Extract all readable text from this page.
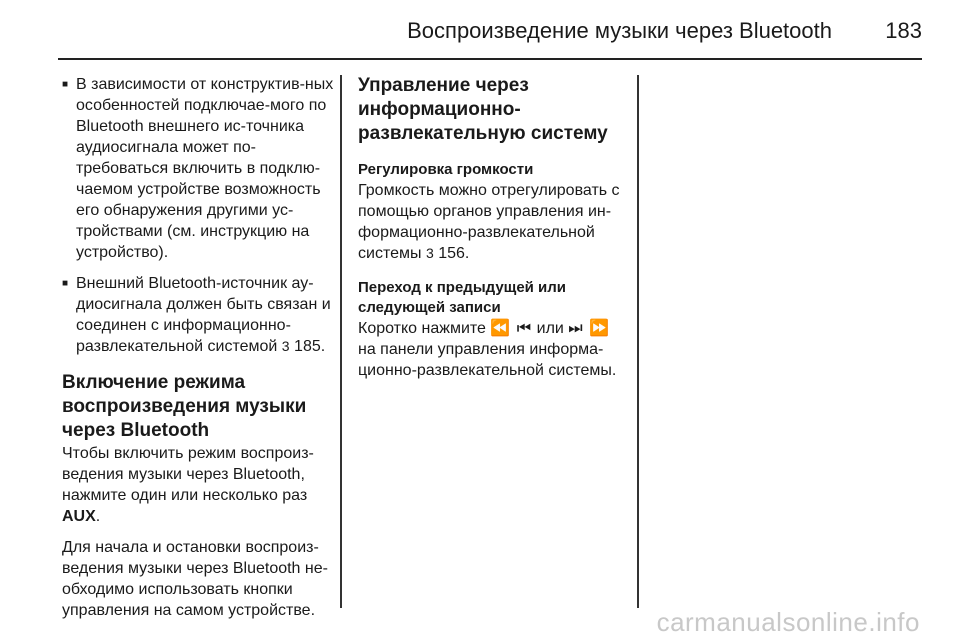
Воспроизведение музыки через Bluetooth 183
■ В зависимости от конструктив-ных особенностей подключае-мого по Bluetooth внешнего ис-точника аудиосигнала может по-требоваться включить в подклю-чаемом устройстве возможность его обнаружения другими ус-тройствами (см. инструкцию на устройство).
■ Внешний Bluetooth-источник ау-диосигнала должен быть связан и соединен с информационно-развлекательной системой 3 185.
Включение режима воспроизведения музыки через Bluetooth

Чтобы включить режим воспроиз-ведения музыки через Bluetooth, нажмите один или несколько раз AUX.

Для начала и остановки воспроиз-ведения музыки через Bluetooth не-обходимо использовать кнопки управления на самом устройстве.

Управление через информационно-развлекательную систему
Регулировка громкости

Громкость можно отрегулировать с помощью органов управления ин-формационно-развлекательной системы 3 156.

Переход к предыдущей или следующей записи

Коротко нажмите ⏪ ⏮ или ⏭ ⏩ на панели управления информа-ционно-развлекательной системы.

carmanualsonline.info
